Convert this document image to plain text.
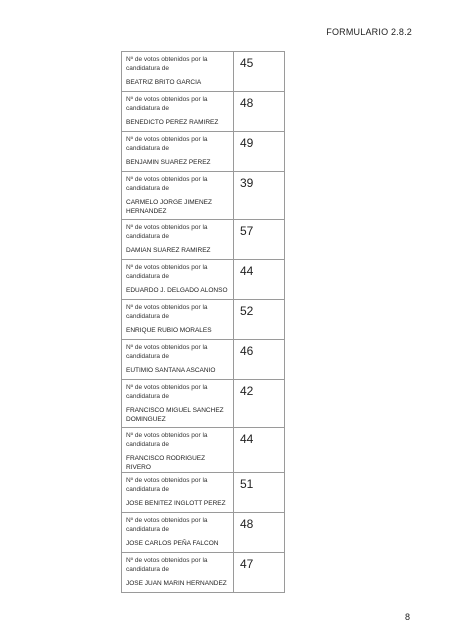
FORMULARIO 2.8.2
Nº de votos obtenidos por la candidatura de
BEATRIZ BRITO GARCIA	45

Nº de votos obtenidos por la candidatura de
BENEDICTO PEREZ RAMIREZ	48

Nº de votos obtenidos por la candidatura de
BENJAMIN SUAREZ PEREZ	49

Nº de votos obtenidos por la candidatura de
CARMELO JORGE JIMENEZ HERNANDEZ	39

Nº de votos obtenidos por la candidatura de
DAMIAN SUAREZ RAMIREZ	57

Nº de votos obtenidos por la candidatura de
EDUARDO J. DELGADO ALONSO	44

Nº de votos obtenidos por la candidatura de
ENRIQUE RUBIO MORALES	52

Nº de votos obtenidos por la candidatura de
EUTIMIO SANTANA ASCANIO	46

Nº de votos obtenidos por la candidatura de
FRANCISCO MIGUEL SANCHEZ DOMINGUEZ	42

Nº de votos obtenidos por la candidatura de
FRANCISCO RODRIGUEZ RIVERO	44

Nº de votos obtenidos por la candidatura de
JOSE BENITEZ INGLOTT PEREZ	51

Nº de votos obtenidos por la candidatura de
JOSE CARLOS PEÑA FALCON	48

Nº de votos obtenidos por la candidatura de
JOSE JUAN MARIN HERNANDEZ	47
8
